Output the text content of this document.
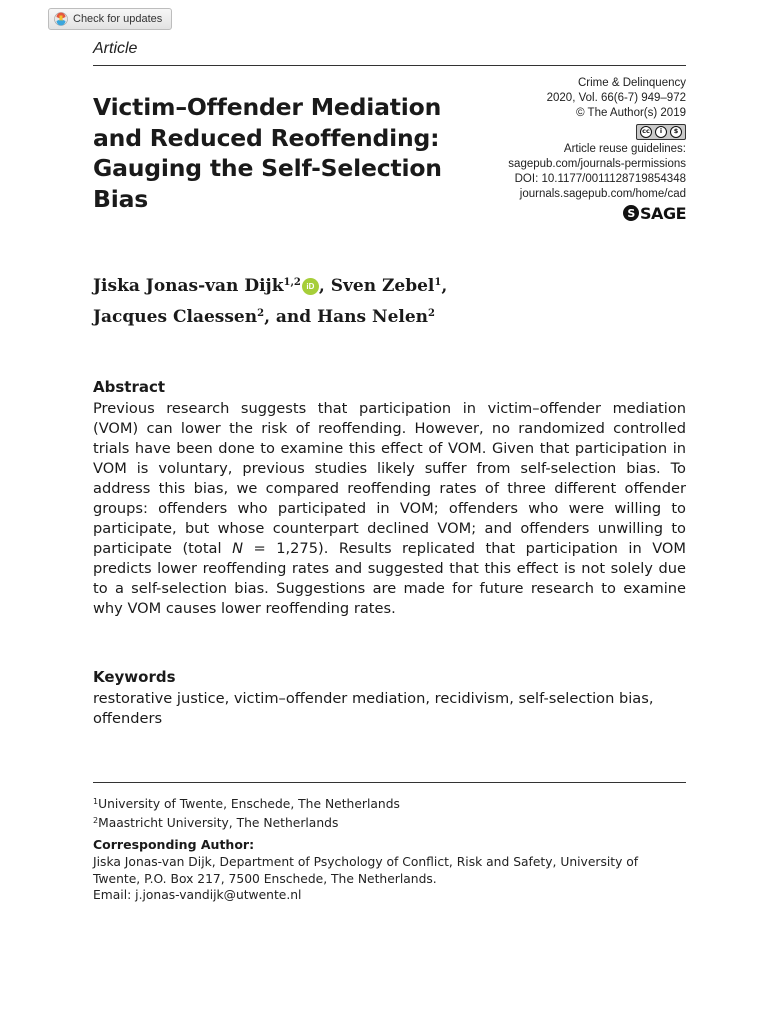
Check for updates
Article
Victim–Offender Mediation and Reduced Reoffending: Gauging the Self-Selection Bias
Crime & Delinquency
2020, Vol. 66(6-7) 949–972
© The Author(s) 2019
cc	i	$
Article reuse guidelines:
sagepub.com/journals-permissions
DOI: 10.1177/0011128719854348
journals.sagepub.com/home/cad
S SAGE
Jiska Jonas-van Dijk$^{1,2}$ iD , Sven Zebel$^1$,
Jacques Claessen$^2$, and Hans Nelen$^2$
Abstract

Previous research suggests that participation in victim–offender mediation (VOM) can lower the risk of reoffending. However, no randomized controlled trials have been done to examine this effect of VOM. Given that participation in VOM is voluntary, previous studies likely suffer from self-selection bias. To address this bias, we compared reoffending rates of three different offender groups: offenders who participated in VOM; offenders who were willing to participate, but whose counterpart declined VOM; and offenders unwilling to participate (total N = 1,275). Results replicated that participation in VOM predicts lower reoffending rates and suggested that this effect is not solely due to a self-selection bias. Suggestions are made for future research to examine why VOM causes lower reoffending rates.

Keywords

restorative justice, victim–offender mediation, recidivism, self-selection bias, offenders

$^1$University of Twente, Enschede, The Netherlands
$^2$Maastricht University, The Netherlands
Corresponding Author:
Jiska Jonas-van Dijk, Department of Psychology of Conflict, Risk and Safety, University of Twente, P.O. Box 217, 7500 Enschede, The Netherlands.
Email: j.jonas-vandijk@utwente.nl
